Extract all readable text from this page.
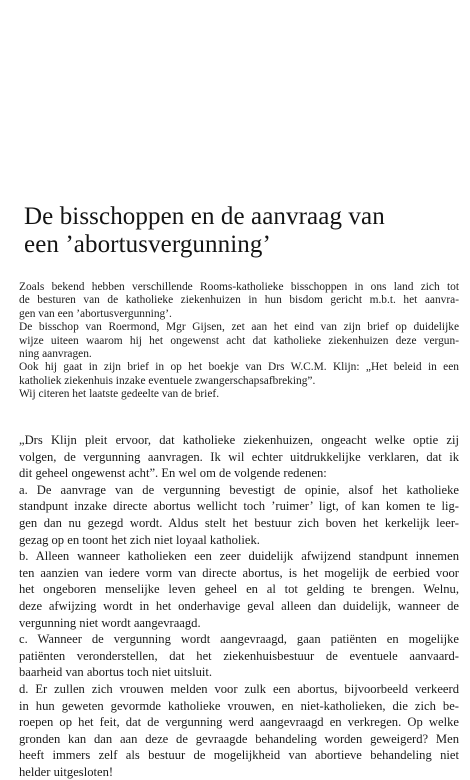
De bisschoppen en de aanvraag van
een ’abortusvergunning’
Zoals bekend hebben verschillende Rooms-katholieke bisschoppen in ons land zich tot
de besturen van de katholieke ziekenhuizen in hun bisdom gericht m.b.t. het aanvra-
gen van een ’abortusvergunning’.
De bisschop van Roermond, Mgr Gijsen, zet aan het eind van zijn brief op duidelijke
wijze uiteen waarom hij het ongewenst acht dat katholieke ziekenhuizen deze vergun-
ning aanvragen.
Ook hij gaat in zijn brief in op het boekje van Drs W.C.M. Klijn: „Het beleid in een
katholiek ziekenhuis inzake eventuele zwangerschapsafbreking”.
Wij citeren het laatste gedeelte van de brief.
„Drs Klijn pleit ervoor, dat katholieke ziekenhuizen, ongeacht welke optie zij
volgen, de vergunning aanvragen. Ik wil echter uitdrukkelijke verklaren, dat ik
dit geheel ongewenst acht”. En wel om de volgende redenen:
a. De aanvrage van de vergunning bevestigt de opinie, alsof het katholieke
standpunt inzake directe abortus wellicht toch ’ruimer’ ligt, of kan komen te lig-
gen dan nu gezegd wordt. Aldus stelt het bestuur zich boven het kerkelijk leer-
gezag op en toont het zich niet loyaal katholiek.
b. Alleen wanneer katholieken een zeer duidelijk afwijzend standpunt innemen
ten aanzien van iedere vorm van directe abortus, is het mogelijk de eerbied voor
het ongeboren menselijke leven geheel en al tot gelding te brengen. Welnu,
deze afwijzing wordt in het onderhavige geval alleen dan duidelijk, wanneer de
vergunning niet wordt aangevraagd.
c. Wanneer de vergunning wordt aangevraagd, gaan patiënten en mogelijke
patiënten veronderstellen, dat het ziekenhuisbestuur de eventuele aanvaard-
baarheid van abortus toch niet uitsluit.
d. Er zullen zich vrouwen melden voor zulk een abortus, bijvoorbeeld verkeerd
in hun geweten gevormde katholieke vrouwen, en niet-katholieken, die zich be-
roepen op het feit, dat de vergunning werd aangevraagd en verkregen. Op welke
gronden kan dan aan deze de gevraagde behandeling worden geweigerd? Men
heeft immers zelf als bestuur de mogelijkheid van abortieve behandeling niet
helder uitgesloten!
